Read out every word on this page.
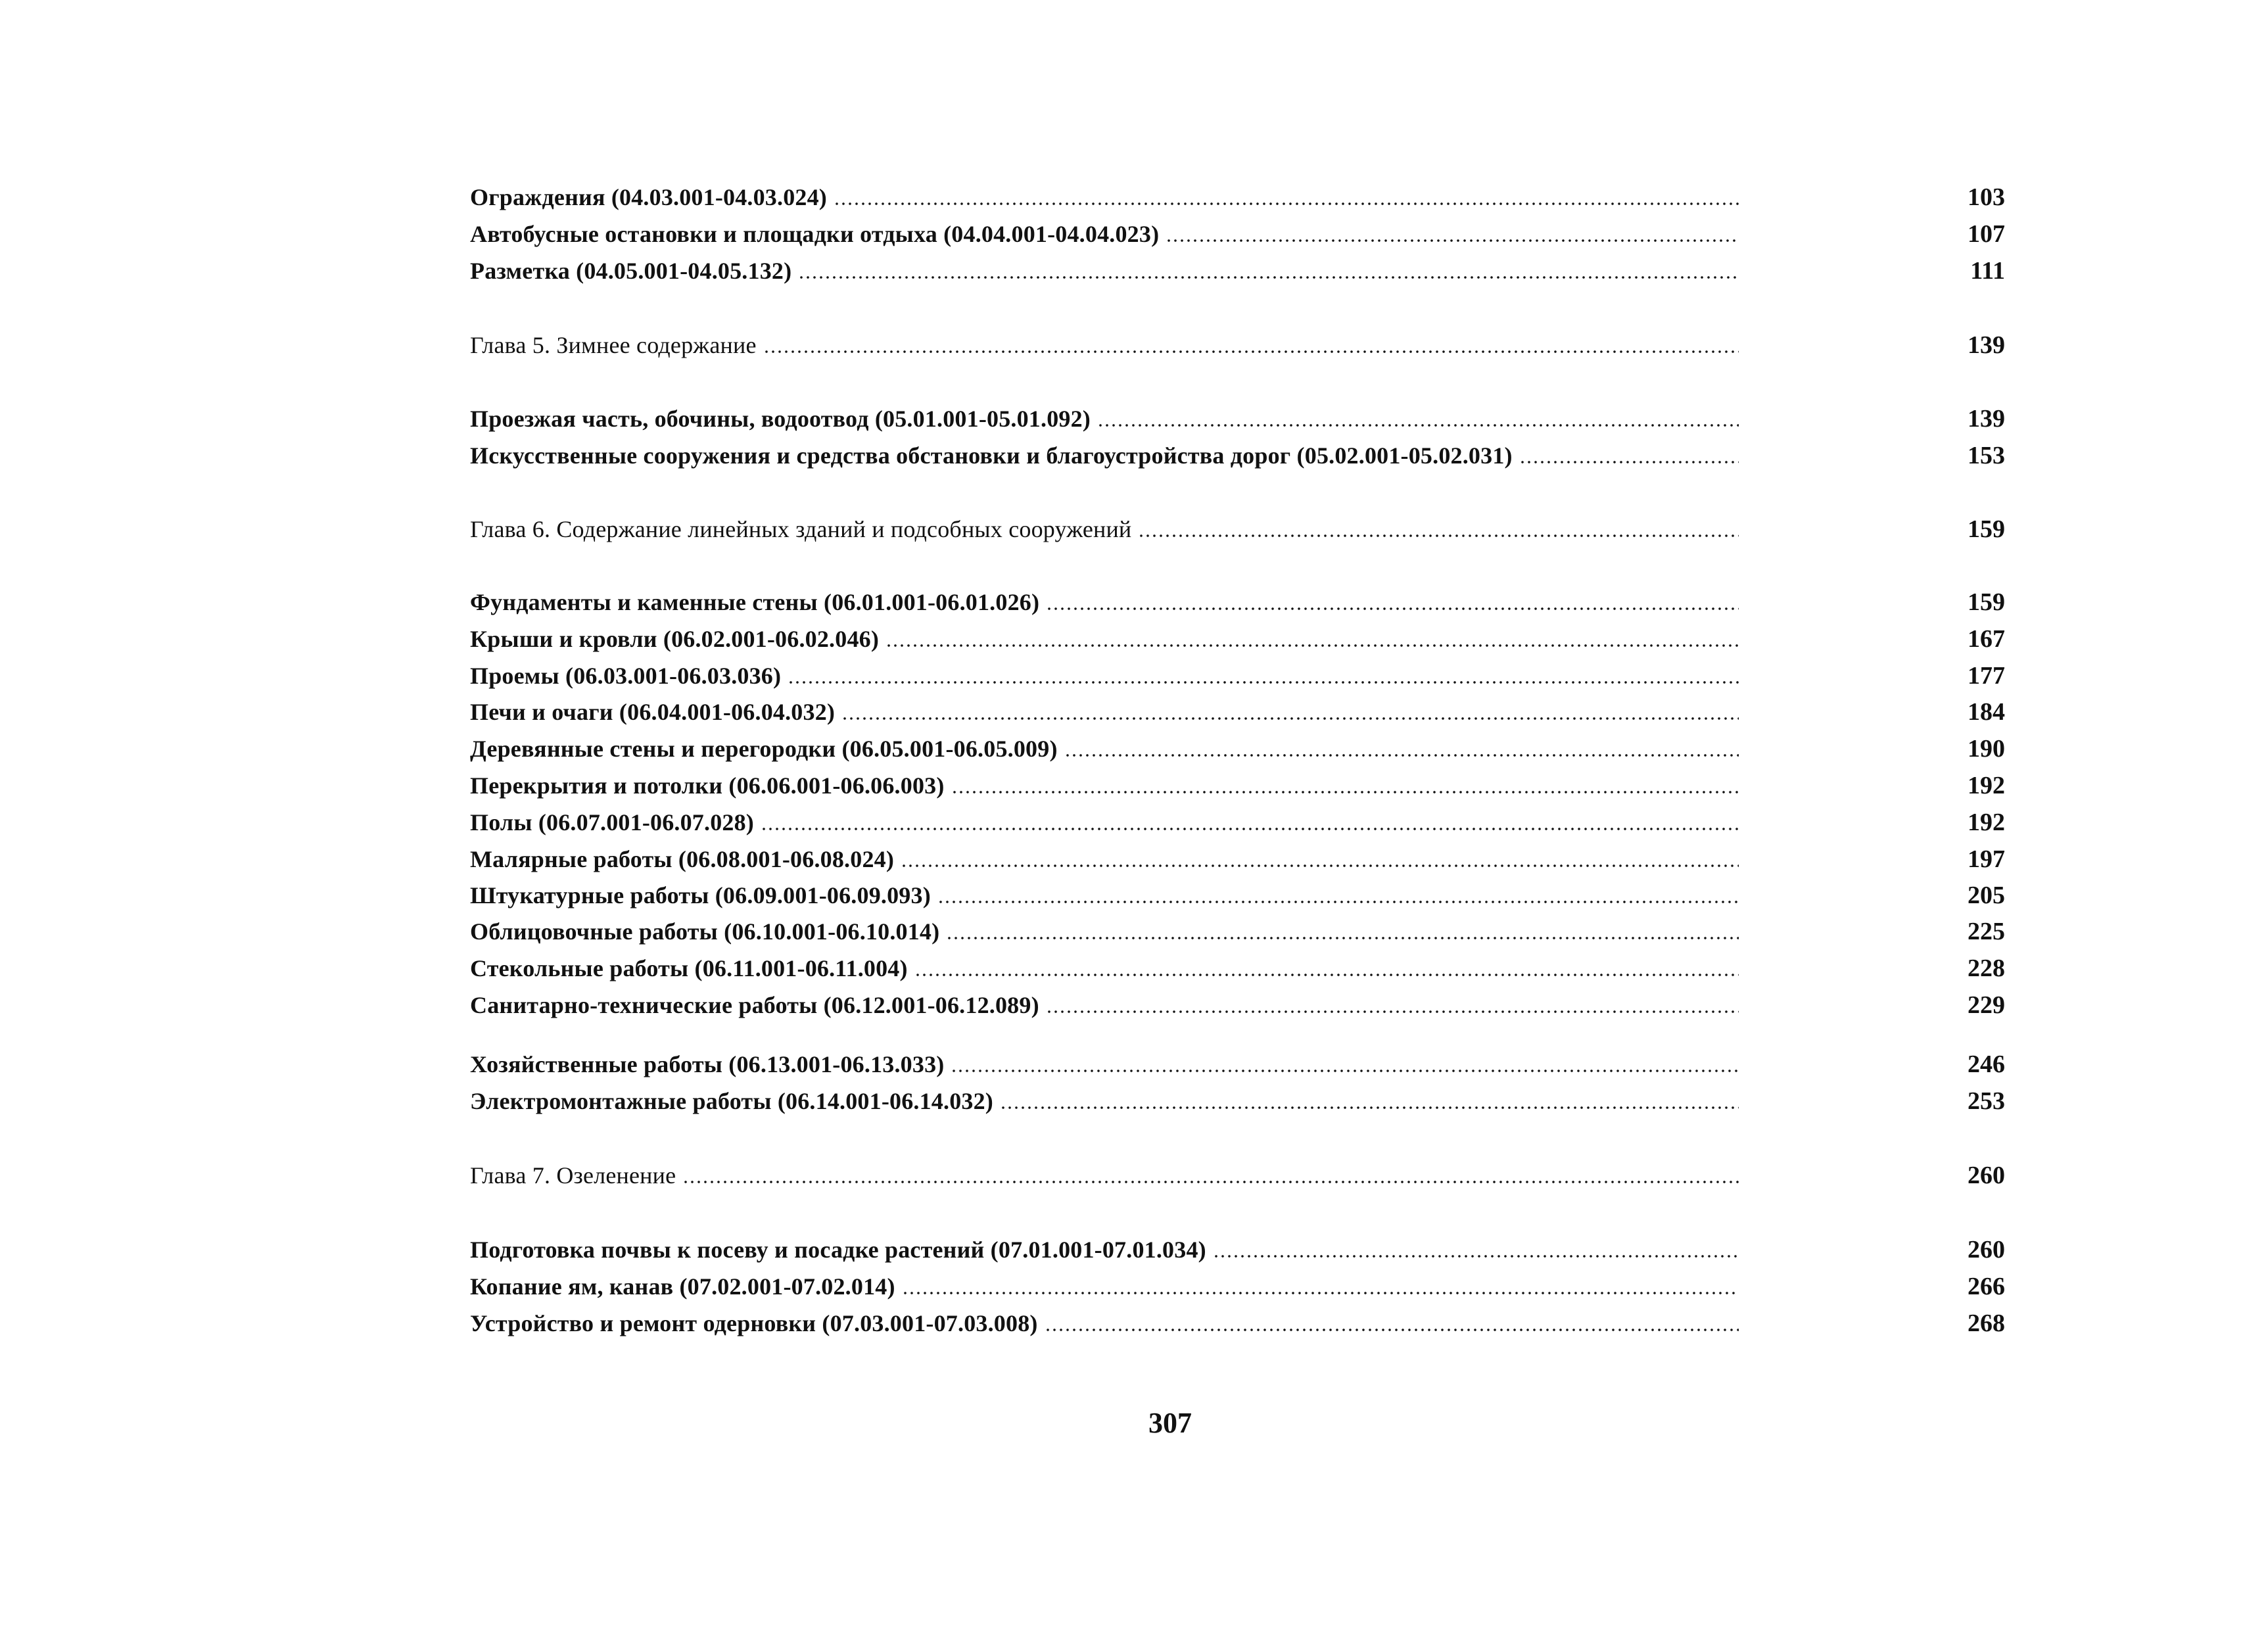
Ограждения (04.03.001-04.03.024)	103
Автобусные остановки и площадки отдыха (04.04.001-04.04.023)	107
Разметка (04.05.001-04.05.132)	111
Глава 5. Зимнее содержание	139
Проезжая часть, обочины, водоотвод (05.01.001-05.01.092)	139
Искусственные сооружения и средства обстановки и благоустройства дорог (05.02.001-05.02.031)	153
Глава 6. Содержание линейных зданий и подсобных сооружений	159
Фундаменты и каменные стены (06.01.001-06.01.026)	159
Крыши и кровли (06.02.001-06.02.046)	167
Проемы (06.03.001-06.03.036)	177
Печи и очаги (06.04.001-06.04.032)	184
Деревянные стены и перегородки (06.05.001-06.05.009)	190
Перекрытия и потолки (06.06.001-06.06.003)	192
Полы (06.07.001-06.07.028)	192
Малярные работы (06.08.001-06.08.024)	197
Штукатурные работы (06.09.001-06.09.093)	205
Облицовочные работы (06.10.001-06.10.014)	225
Стекольные работы (06.11.001-06.11.004)	228
Санитарно-технические работы (06.12.001-06.12.089)	229
Хозяйственные работы (06.13.001-06.13.033)	246
Электромонтажные работы (06.14.001-06.14.032)	253
Глава 7. Озеленение	260
Подготовка почвы к посеву и посадке растений (07.01.001-07.01.034)	260
Копание ям, канав (07.02.001-07.02.014)	266
Устройство и ремонт одерновки (07.03.001-07.03.008)	268
307
